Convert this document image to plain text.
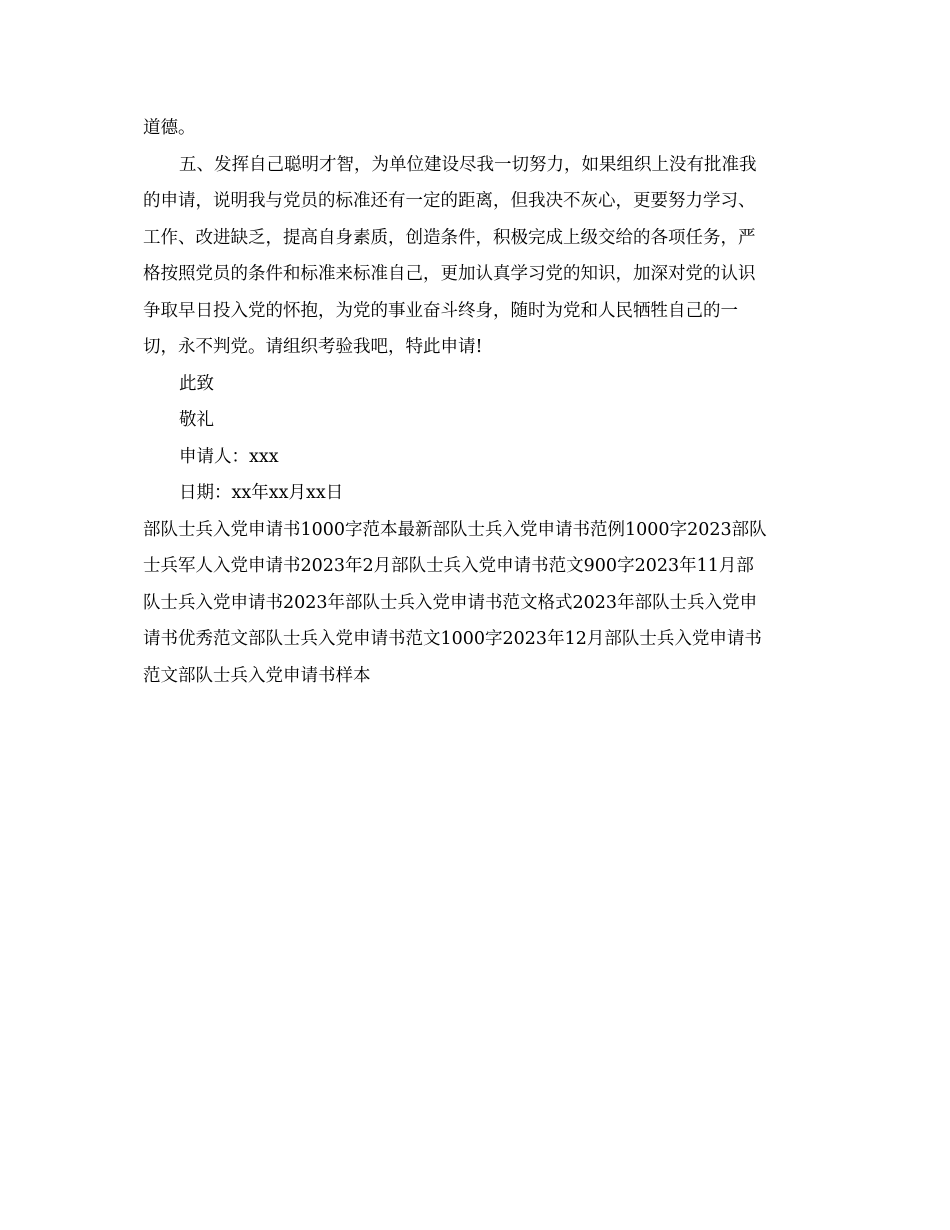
道德。
五、发挥自己聪明才智，为单位建设尽我一切努力，如果组织上没有批准我
的申请，说明我与党员的标准还有一定的距离，但我决不灰心，更要努力学习、
工作、改进缺乏，提高自身素质，创造条件，积极完成上级交给的各项任务，严
格按照党员的条件和标准来标准自己，更加认真学习党的知识，加深对党的认识
争取早日投入党的怀抱，为党的事业奋斗终身，随时为党和人民牺牲自己的一
切，永不判党。请组织考验我吧，特此申请!
此致
敬礼
申请人：xxx
日期：xx年xx月xx日
部队士兵入党申请书1000字范本最新部队士兵入党申请书范例1000字2023部队
士兵军人入党申请书2023年2月部队士兵入党申请书范文900字2023年11月部
队士兵入党申请书2023年部队士兵入党申请书范文格式2023年部队士兵入党申
请书优秀范文部队士兵入党申请书范文1000字2023年12月部队士兵入党申请书
范文部队士兵入党申请书样本
